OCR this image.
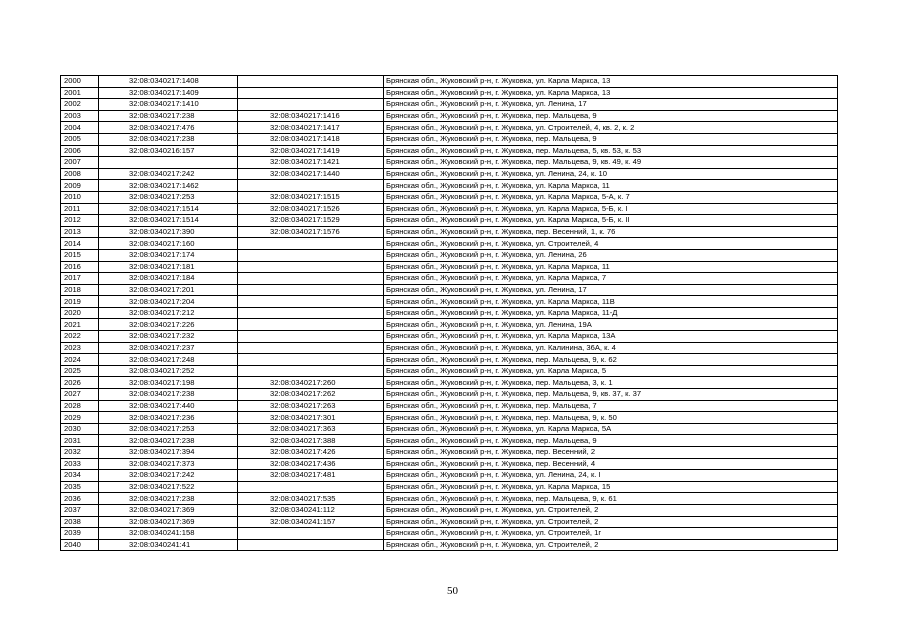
2000	32:08:0340217:1408		Брянская обл., Жуковский р-н, г. Жуковка, ул. Карла Маркса, 13
2001	32:08:0340217:1409		Брянская обл., Жуковский р-н, г. Жуковка, ул. Карла Маркса, 13
2002	32:08:0340217:1410		Брянская обл., Жуковский р-н, г. Жуковка, ул. Ленина, 17
2003	32:08:0340217:238	32:08:0340217:1416	Брянская обл., Жуковский р-н, г. Жуковка, пер. Мальцева, 9
2004	32:08:0340217:476	32:08:0340217:1417	Брянская обл., Жуковский р-н, г. Жуковка, ул. Строителей, 4, кв. 2, к. 2
2005	32:08:0340217:238	32:08:0340217:1418	Брянская обл., Жуковский р-н, г. Жуковка, пер. Мальцева, 9
2006	32:08:0340216:157	32:08:0340217:1419	Брянская обл., Жуковский р-н, г. Жуковка, пер. Мальцева, 5, кв. 53, к. 53
2007		32:08:0340217:1421	Брянская обл., Жуковский р-н, г. Жуковка, пер. Мальцева, 9, кв. 49, к. 49
2008	32:08:0340217:242	32:08:0340217:1440	Брянская обл., Жуковский р-н, г. Жуковка, ул. Ленина, 24, к. 10
2009	32:08:0340217:1462		Брянская обл., Жуковский р-н, г. Жуковка, ул. Карла Маркса, 11
2010	32:08:0340217:253	32:08:0340217:1515	Брянская обл., Жуковский р-н, г. Жуковка, ул. Карла Маркса, 5-А, к. 7
2011	32:08:0340217:1514	32:08:0340217:1526	Брянская обл., Жуковский р-н, г. Жуковка, ул. Карла Маркса, 5-Б, к. I
2012	32:08:0340217:1514	32:08:0340217:1529	Брянская обл., Жуковский р-н, г. Жуковка, ул. Карла Маркса, 5-Б, к. II
2013	32:08:0340217:390	32:08:0340217:1576	Брянская обл., Жуковский р-н, г. Жуковка, пер. Весенний, 1, к. 76
2014	32:08:0340217:160		Брянская обл., Жуковский р-н, г. Жуковка, ул. Строителей, 4
2015	32:08:0340217:174		Брянская обл., Жуковский р-н, г. Жуковка, ул. Ленина, 26
2016	32:08:0340217:181		Брянская обл., Жуковский р-н, г. Жуковка, ул. Карла Маркса, 11
2017	32:08:0340217:184		Брянская обл., Жуковский р-н, г. Жуковка, ул. Карла Маркса, 7
2018	32:08:0340217:201		Брянская обл., Жуковский р-н, г. Жуковка, ул. Ленина, 17
2019	32:08:0340217:204		Брянская обл., Жуковский р-н, г. Жуковка, ул. Карла Маркса, 11В
2020	32:08:0340217:212		Брянская обл., Жуковский р-н, г. Жуковка, ул. Карла Маркса, 11-Д
2021	32:08:0340217:226		Брянская обл., Жуковский р-н, г. Жуковка, ул. Ленина, 19А
2022	32:08:0340217:232		Брянская обл., Жуковский р-н, г. Жуковка, ул. Карла Маркса, 13А
2023	32:08:0340217:237		Брянская обл., Жуковский р-н, г. Жуковка, ул. Калинина, 36А, к. 4
2024	32:08:0340217:248		Брянская обл., Жуковский р-н, г. Жуковка, пер. Мальцева, 9, к. 62
2025	32:08:0340217:252		Брянская обл., Жуковский р-н, г. Жуковка, ул. Карла Маркса, 5
2026	32:08:0340217:198	32:08:0340217:260	Брянская обл., Жуковский р-н, г. Жуковка, пер. Мальцева, 3, к. 1
2027	32:08:0340217:238	32:08:0340217:262	Брянская обл., Жуковский р-н, г. Жуковка, пер. Мальцева, 9, кв. 37, к. 37
2028	32:08:0340217:440	32:08:0340217:263	Брянская обл., Жуковский р-н, г. Жуковка, пер. Мальцева, 7
2029	32:08:0340217:236	32:08:0340217:301	Брянская обл., Жуковский р-н, г. Жуковка, пер. Мальцева, 9, к. 50
2030	32:08:0340217:253	32:08:0340217:363	Брянская обл., Жуковский р-н, г. Жуковка, ул. Карла Маркса, 5А
2031	32:08:0340217:238	32:08:0340217:388	Брянская обл., Жуковский р-н, г. Жуковка, пер. Мальцева, 9
2032	32:08:0340217:394	32:08:0340217:426	Брянская обл., Жуковский р-н, г. Жуковка, пер. Весенний, 2
2033	32:08:0340217:373	32:08:0340217:436	Брянская обл., Жуковский р-н, г. Жуковка, пер. Весенний, 4
2034	32:08:0340217:242	32:08:0340217:481	Брянская обл., Жуковский р-н, г. Жуковка, ул. Ленина, 24, к. I
2035	32:08:0340217:522		Брянская обл., Жуковский р-н, г. Жуковка, ул. Карла Маркса, 15
2036	32:08:0340217:238	32:08:0340217:535	Брянская обл., Жуковский р-н, г. Жуковка, пер. Мальцева, 9, к. 61
2037	32:08:0340217:369	32:08:0340241:112	Брянская обл., Жуковский р-н, г. Жуковка, ул. Строителей, 2
2038	32:08:0340217:369	32:08:0340241:157	Брянская обл., Жуковский р-н, г. Жуковка, ул. Строителей, 2
2039	32:08:0340241:158		Брянская обл., Жуковский р-н, г. Жуковка, ул. Строителей, 1г
2040	32:08:0340241:41		Брянская обл., Жуковский р-н, г. Жуковка, ул. Строителей, 2
50
